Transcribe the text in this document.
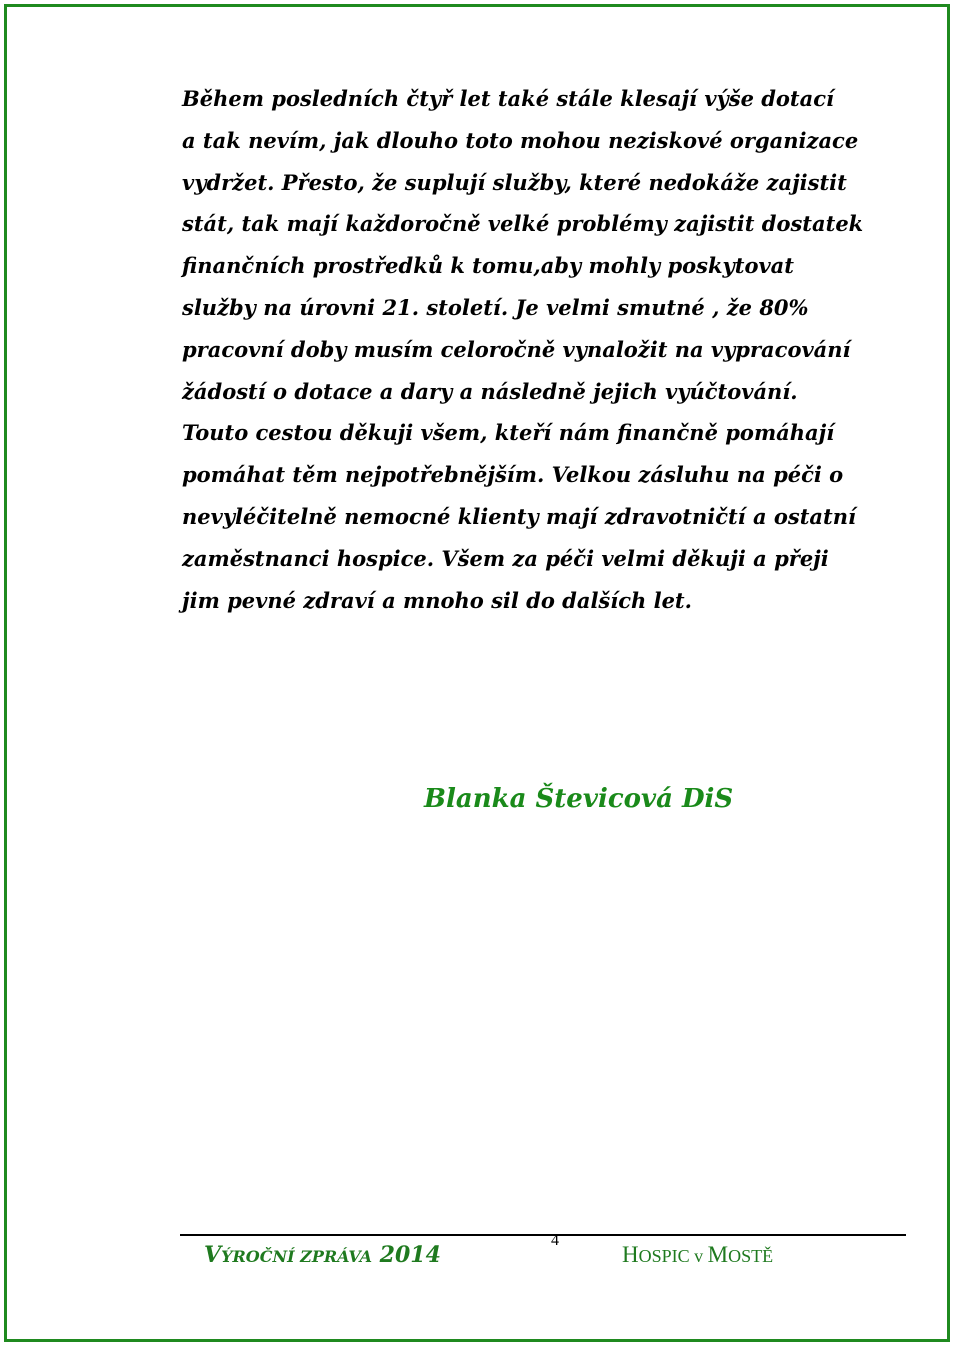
Během posledních čtyř let také stále klesají výše dotací
a tak nevím, jak dlouho toto mohou neziskové organizace
vydržet. Přesto, že suplují služby, které nedokáže zajistit
stát, tak mají každoročně velké problémy zajistit dostatek
finančních prostředků k tomu,aby mohly poskytovat
služby na úrovni 21. století. Je velmi smutné , že 80%
pracovní doby musím celoročně vynaložit na vypracování
žádostí o dotace a dary a následně jejich vyúčtování.
Touto cestou děkuji všem, kteří nám finančně pomáhají
pomáhat těm nejpotřebnějším. Velkou zásluhu na péči o
nevyléčitelně nemocné klienty mají zdravotničtí a ostatní
zaměstnanci hospice. Všem za péči velmi děkuji a přeji
jim pevné zdraví a mnoho sil do dalších let.
Blanka Števicová DiS
VÝROČNÍ ZPRÁVA 2014
4
HOSPIC v MOSTĚ
